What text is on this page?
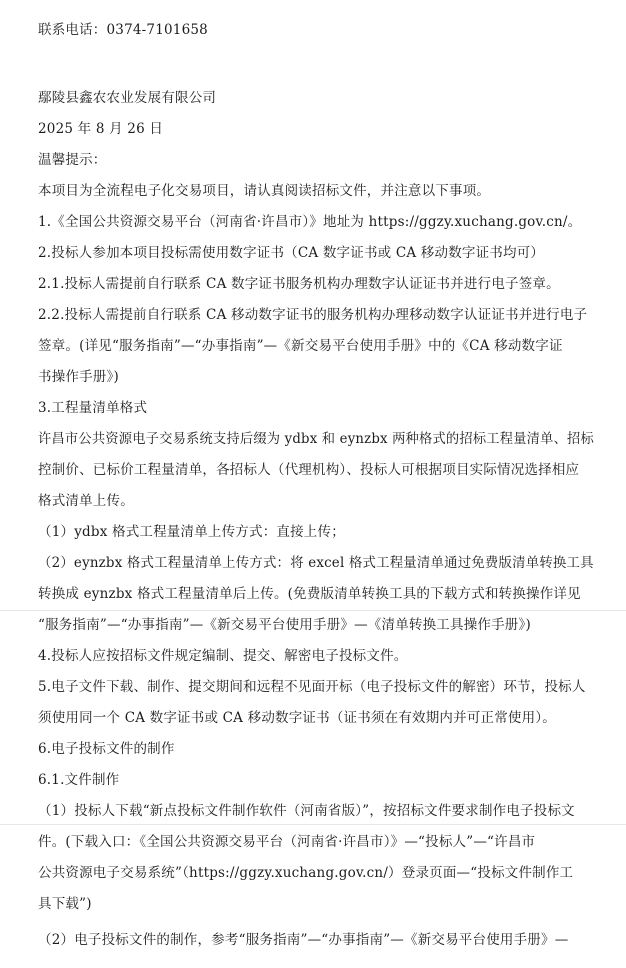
联系电话：0374-7101658
鄢陵县鑫农农业发展有限公司
2025 年 8 月 26 日
温馨提示：
本项目为全流程电子化交易项目，请认真阅读招标文件，并注意以下事项。
1.《全国公共资源交易平台（河南省·许昌市）》地址为 https://ggzy.xuchang.gov.cn/。
2.投标人参加本项目投标需使用数字证书（CA 数字证书或 CA 移动数字证书均可）
2.1.投标人需提前自行联系 CA 数字证书服务机构办理数字认证证书并进行电子签章。
2.2.投标人需提前自行联系 CA 移动数字证书的服务机构办理移动数字认证证书并进行电子
签章。(详见“服务指南”—“办事指南”—《新交易平台使用手册》中的《CA 移动数字证
书操作手册》)
3.工程量清单格式
许昌市公共资源电子交易系统支持后缀为 ydbx 和 eynzbx 两种格式的招标工程量清单、招标
控制价、已标价工程量清单，各招标人（代理机构）、投标人可根据项目实际情况选择相应
格式清单上传。
（1）ydbx 格式工程量清单上传方式：直接上传；
（2）eynzbx 格式工程量清单上传方式：将 excel 格式工程量清单通过免费版清单转换工具
转换成 eynzbx 格式工程量清单后上传。(免费版清单转换工具的下载方式和转换操作详见
“服务指南”—“办事指南”—《新交易平台使用手册》—《清单转换工具操作手册》)
4.投标人应按招标文件规定编制、提交、解密电子投标文件。
5.电子文件下载、制作、提交期间和远程不见面开标（电子投标文件的解密）环节，投标人
须使用同一个 CA 数字证书或 CA 移动数字证书（证书须在有效期内并可正常使用）。
6.电子投标文件的制作
6.1.文件制作
（1）投标人下载“新点投标文件制作软件（河南省版）”，按招标文件要求制作电子投标文
件。(下载入口：《全国公共资源交易平台（河南省·许昌市）》—“投标人”—“许昌市
公共资源电子交易系统”（https://ggzy.xuchang.gov.cn/）登录页面—“投标文件制作工
具下载”)
（2）电子投标文件的制作，参考“服务指南”—“办事指南”—《新交易平台使用手册》—
